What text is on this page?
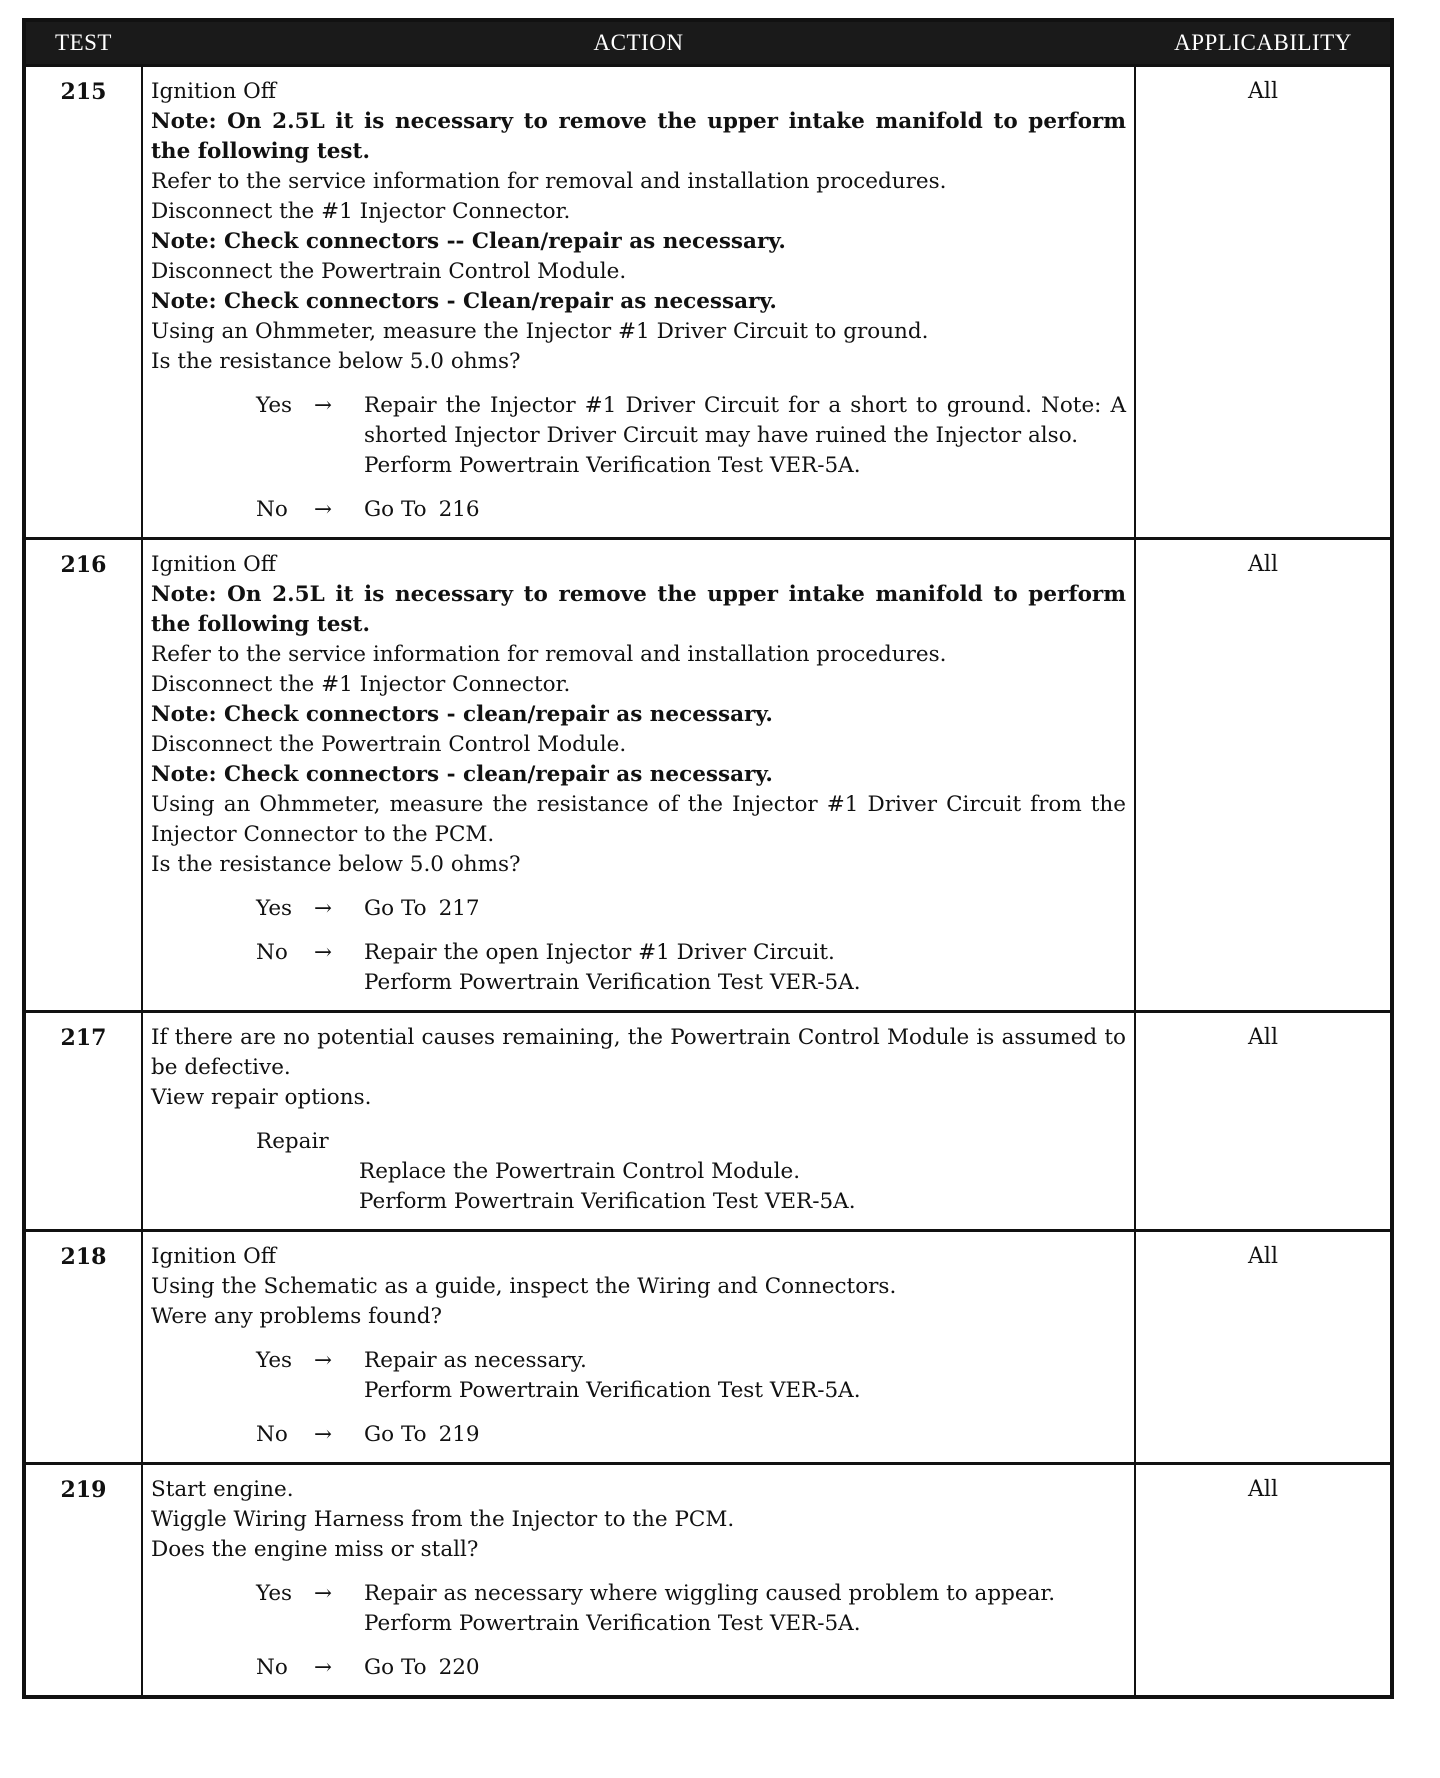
TEST	ACTION	APPLICABILITY
215	Ignition Off
Note: On 2.5L it is necessary to remove the upper intake manifold to perform the following test.
Refer to the service information for removal and installation procedures.
Disconnect the #1 Injector Connector.
Note: Check connectors -- Clean/repair as necessary.
Disconnect the Powertrain Control Module.
Note: Check connectors - Clean/repair as necessary.
Using an Ohmmeter, measure the Injector #1 Driver Circuit to ground.
Is the resistance below 5.0 ohms?
Yes	→	Repair the Injector #1 Driver Circuit for a short to ground. Note: A shorted Injector Driver Circuit may have ruined the Injector also.
Perform Powertrain Verification Test VER-5A.
No	→	Go To 216
All
216	Ignition Off
Note: On 2.5L it is necessary to remove the upper intake manifold to perform the following test.
Refer to the service information for removal and installation procedures.
Disconnect the #1 Injector Connector.
Note: Check connectors - clean/repair as necessary.
Disconnect the Powertrain Control Module.
Note: Check connectors - clean/repair as necessary.
Using an Ohmmeter, measure the resistance of the Injector #1 Driver Circuit from the Injector Connector to the PCM.
Is the resistance below 5.0 ohms?
Yes	→	Go To 217
No	→	Repair the open Injector #1 Driver Circuit.
Perform Powertrain Verification Test VER-5A.
All
217	If there are no potential causes remaining, the Powertrain Control Module is assumed to be defective.
View repair options.
Repair
Replace the Powertrain Control Module.
Perform Powertrain Verification Test VER-5A.
All
218	Ignition Off
Using the Schematic as a guide, inspect the Wiring and Connectors.
Were any problems found?
Yes	→	Repair as necessary.
Perform Powertrain Verification Test VER-5A.
No	→	Go To 219
All
219	Start engine.
Wiggle Wiring Harness from the Injector to the PCM.
Does the engine miss or stall?
Yes	→	Repair as necessary where wiggling caused problem to appear.
Perform Powertrain Verification Test VER-5A.
No	→	Go To 220
All
